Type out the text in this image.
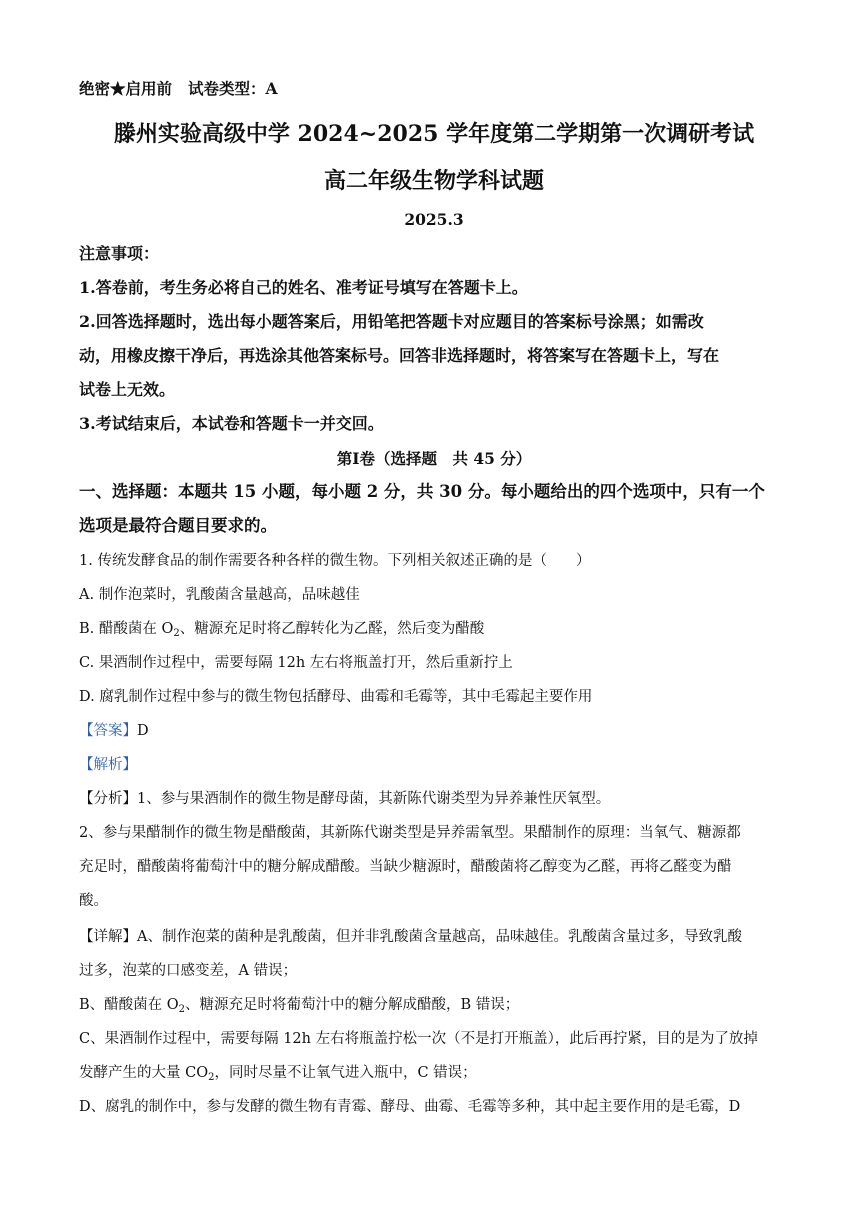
绝密★启用前 试卷类型：A
滕州实验高级中学 2024~2025 学年度第二学期第一次调研考试
高二年级生物学科试题
2025.3
注意事项：
1.答卷前，考生务必将自己的姓名、准考证号填写在答题卡上。
2.回答选择题时，选出每小题答案后，用铅笔把答题卡对应题目的答案标号涂黑；如需改
动，用橡皮擦干净后，再选涂其他答案标号。回答非选择题时，将答案写在答题卡上，写在
试卷上无效。
3.考试结束后，本试卷和答题卡一并交回。
第Ⅰ卷（选择题　共 45 分）
一、选择题：本题共 15 小题，每小题 2 分，共 30 分。每小题给出的四个选项中，只有一个
选项是最符合题目要求的。
1. 传统发酵食品的制作需要各种各样的微生物。下列相关叙述正确的是（　　）
A. 制作泡菜时，乳酸菌含量越高，品味越佳
B. 醋酸菌在 $O_2$、糖源充足时将乙醇转化为乙醛，然后变为醋酸
C. 果酒制作过程中，需要每隔 12h 左右将瓶盖打开，然后重新拧上
D. 腐乳制作过程中参与的微生物包括酵母、曲霉和毛霉等，其中毛霉起主要作用
【答案】D
【解析】
【分析】1、参与果酒制作的微生物是酵母菌，其新陈代谢类型为异养兼性厌氧型。
2、参与果醋制作的微生物是醋酸菌，其新陈代谢类型是异养需氧型。果醋制作的原理：当氧气、糖源都
充足时，醋酸菌将葡萄汁中的糖分解成醋酸。当缺少糖源时，醋酸菌将乙醇变为乙醛，再将乙醛变为醋
酸。
【详解】A、制作泡菜的菌种是乳酸菌，但并非乳酸菌含量越高，品味越佳。乳酸菌含量过多，导致乳酸
过多，泡菜的口感变差，A 错误；
B、醋酸菌在 $O_2$、糖源充足时将葡萄汁中的糖分解成醋酸，B 错误；
C、果酒制作过程中，需要每隔 12h 左右将瓶盖拧松一次（不是打开瓶盖），此后再拧紧，目的是为了放掉
发酵产生的大量 $CO_2$，同时尽量不让氧气进入瓶中，C 错误；
D、腐乳的制作中，参与发酵的微生物有青霉、酵母、曲霉、毛霉等多种，其中起主要作用的是毛霉，D
